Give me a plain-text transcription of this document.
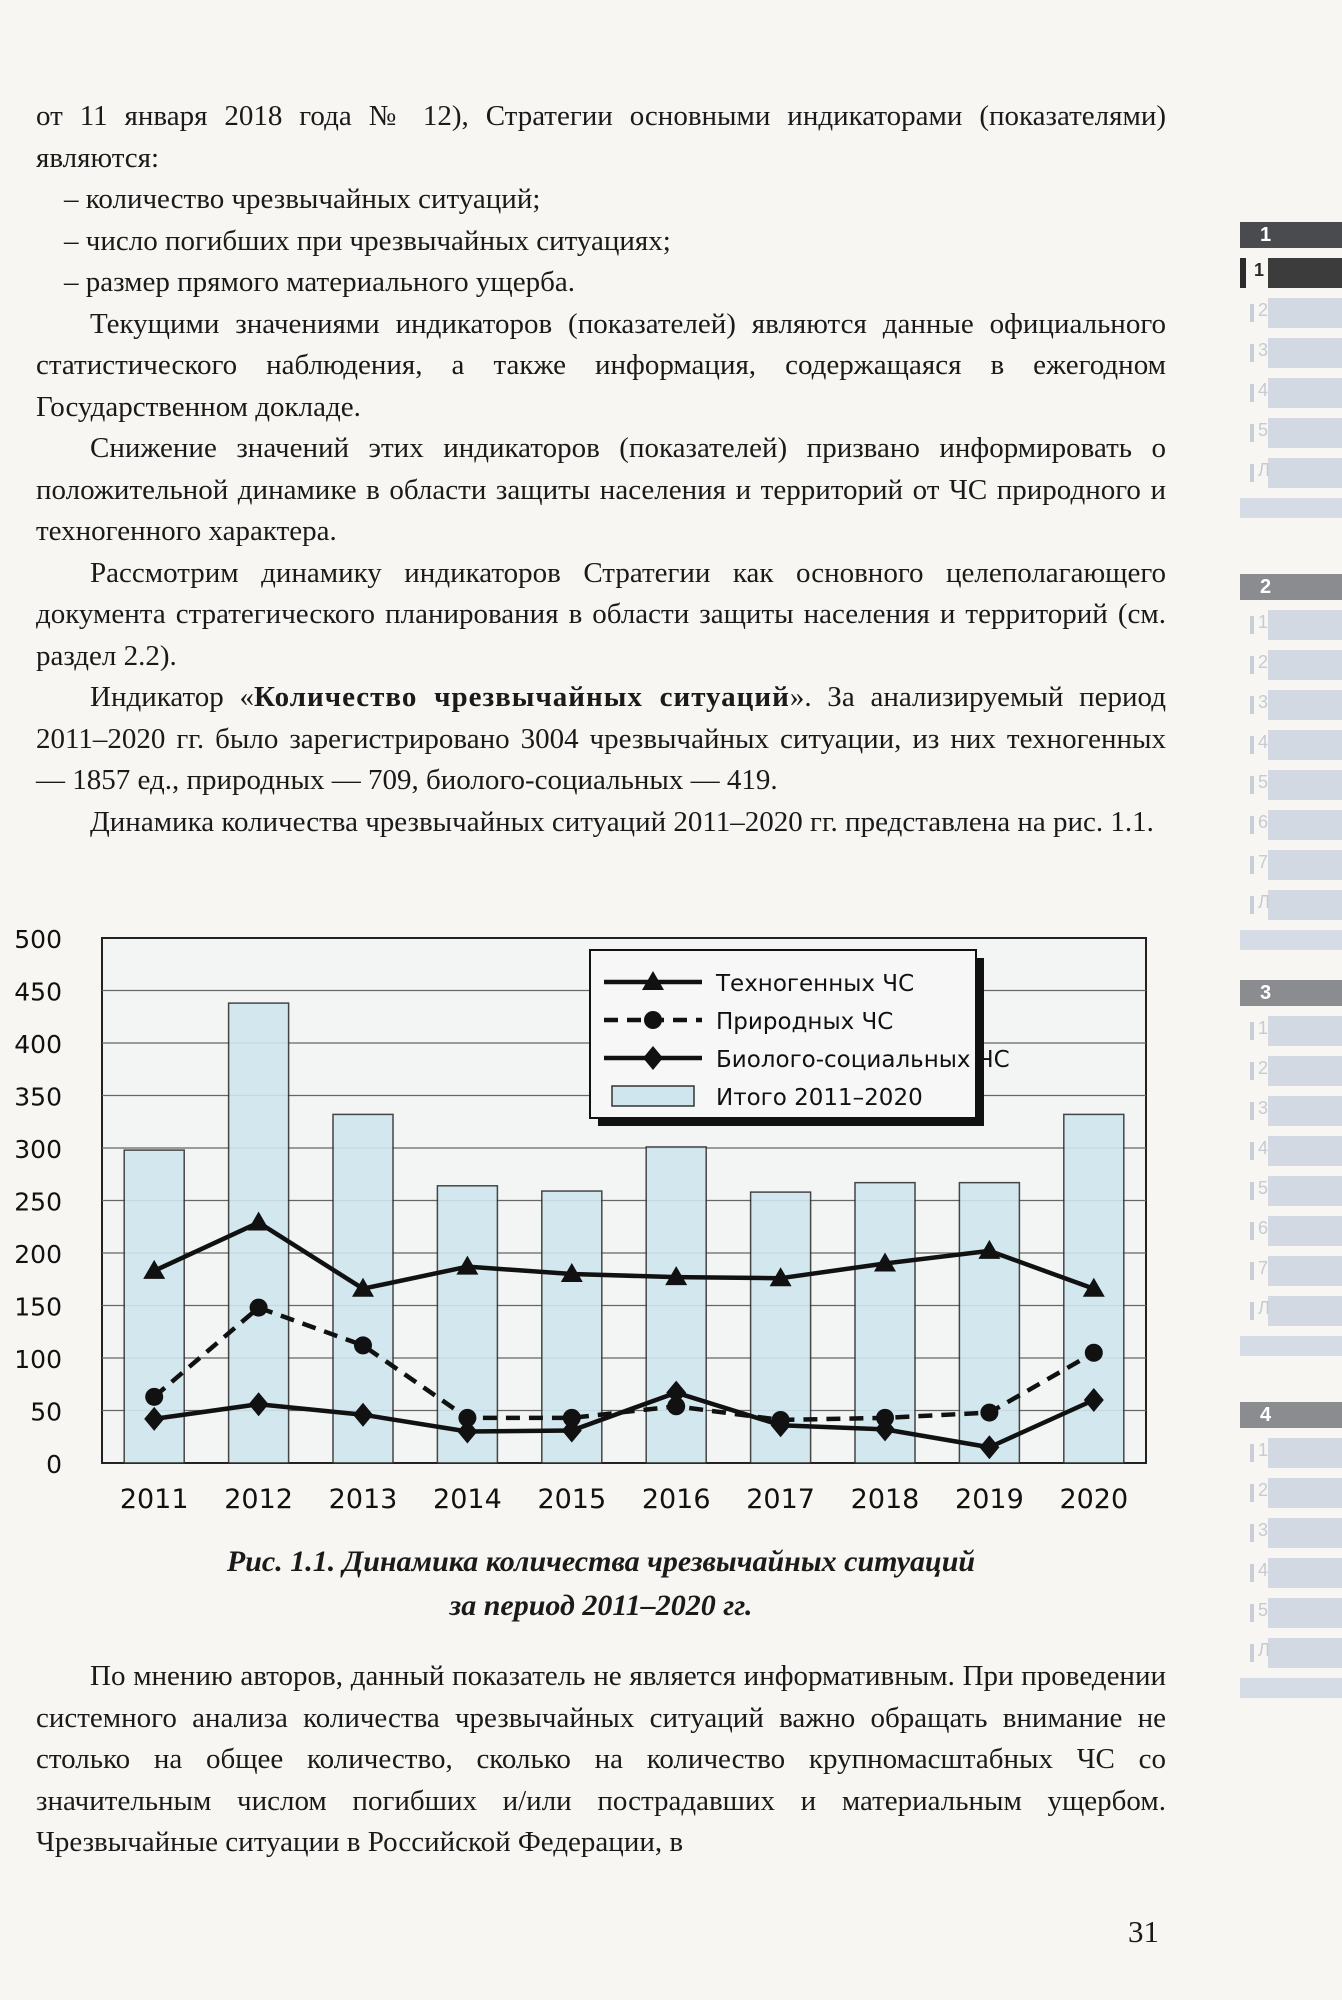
от 11 января 2018 года № 12), Стратегии основными индикаторами (показателями) являются:

– количество чрезвычайных ситуаций;

– число погибших при чрезвычайных ситуациях;

– размер прямого материального ущерба.

Текущими значениями индикаторов (показателей) являются данные официального статистического наблюдения, а также информация, содержащаяся в ежегодном Государственном докладе.

Снижение значений этих индикаторов (показателей) призвано информировать о положительной динамике в области защиты населения и территорий от ЧС природного и техногенного характера.

Рассмотрим динамику индикаторов Стратегии как основного целеполагающего документа стратегического планирования в области защиты населения и территорий (см. раздел 2.2).

Индикатор «Количество чрезвычайных ситуаций». За анализируемый период 2011–2020 гг. было зарегистрировано 3004 чрезвычайных ситуации, из них техногенных — 1857 ед., природных — 709, биолого-социальных — 419.

Динамика количества чрезвычайных ситуаций 2011–2020 гг. представлена на рис. 1.1.

0
50
100
150
200
250
300
350
400
450
500
2011 2012 2013 2014 2015 2016 2017 2018 2019 2020
Техногенных ЧС
Природных ЧС
Биолого-социальных ЧС
Итого 2011–2020
Рис. 1.1. Динамика количества чрезвычайных ситуаций
за период 2011–2020 гг.

По мнению авторов, данный показатель не является информативным. При проведении системного анализа количества чрезвычайных ситуаций важно обращать внимание не столько на общее количество, сколько на количество крупномасштабных ЧС со значительным числом погибших и/или пострадавших и материальным ущербом. Чрезвычайные ситуации в Российской Федерации, в

31
1
1
2
3
4
5
Л
2
1
2
3
4
5
6
7
Л
3
1
2
3
4
5
6
7
Л
4
1
2
3
4
5
Л
